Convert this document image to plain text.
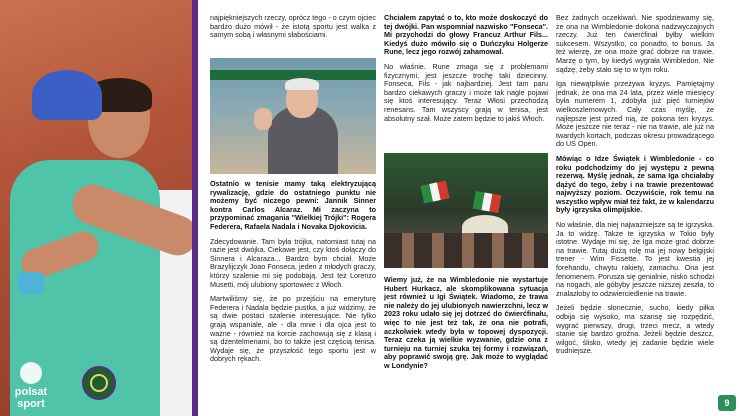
polsat
sport

najpiękniejszych rzeczy, oprócz tego - o czym ojciec bardzo dużo mówił - że istotą sportu jest walka z samym sobą i własnymi słabościami.

Ostatnio w tenisie mamy taką elektryzującą rywalizację, gdzie do ostatniego punktu nie możemy być niczego pewni: Jannik Sinner kontra Carlos Alcaraz. Mi zaczyna to przypominać zmagania "Wielkiej Trójki": Rogera Federera, Rafaela Nadala i Novaka Djokovicia.

Zdecydowanie. Tam była trójka, natomiast tutaj na razie jest dwójka. Ciekawe jest, czy ktoś dołączy do Sinnera i Alcaraza... Bardzo bym chciał. Może Brazylijczyk Joao Fonseca, jeden z młodych graczy, którzy szalenie mi się podobają. Jest też Lorenzo Musetti, mój ulubiony sportowiec z Włoch.

Martwiliśmy się, że po przejściu na emeryturę Federera i Nadala będzie pustka, a już widzimy, że są dwie postaci szalenie interesujące. Nie tylko grają wspaniale, ale - dla mnie i dla ojca jest to ważne - również na korcie zachowują się z klasą i są dżentelmenami, bo to także jest częścią tenisa. Wydaje się, że przyszłość tego sportu jest w dobrych rękach.

Chciałem zapytać o to, kto może doskoczyć do tej dwójki. Pan wspomniał nazwisko "Fonseca". Mi przychodzi do głowy Francuz Arthur Fils... Kiedyś dużo mówiło się o Duńczyku Holgerze Rune, lecz jego rozwój zahamował.

No właśnie. Rune zmaga się z problemami fizycznymi, jest jeszcze trochę taki dziecinny. Fonseca, Fils - jak najbardziej. Jest tam paru bardzo ciekawych graczy i może tak nagle pojawi się ktoś interesujący. Teraz Włosi przechodzą renesans. Tam wszyscy grają w tenisa, jest absolutny szał. Może zatem będzie to jakiś Włoch.

Wiemy już, że na Wimbledonie nie wystartuje Hubert Hurkacz, ale skomplikowana sytuacja jest również u Igi Świątek. Wiadomo, że trawa nie należy do jej ulubionych nawierzchni, lecz w 2023 roku udało się jej dotrzeć do ćwierćfinału, więc to nie jest też tak, że ona nie potrafi, aczkolwiek wtedy była w topowej dyspozycji. Teraz czeka ją wielkie wyzwanie, gdzie ona z turnieju na turniej szuka tej formy i rozwiązań, aby poprawić swoją grę. Jak może to wyglądać w Londynie?

Bez żadnych oczekiwań. Nie spodziewamy się, że ona na Wimbledonie dokona nadzwyczajnych rzeczy. Już ten ćwierćfinał byłby wielkim sukcesem. Wszystko, co ponadto, to bonus. Ja też wierzę, że ona może grać dobrze na trawie. Marzę o tym, by kiedyś wygrała Wimbledon. Nie sądzę, żeby stało się to w tym roku.

Iga niewątpliwie przeżywa kryzys. Pamiętajmy jednak, że ona ma 24 lata, przez wiele miesięcy była numerem 1, zdobyła już pięć turniejów wielkoszlemowych. Cały czas myślę, że najlepsze jest przed nią, że pokona ten kryzys. Może jeszcze nie teraz - nie na trawie, ale już na twardych kortach, podczas okresu prowadzącego do US Open.

Mówiąc o Idze Świątek i Wimbledonie - co roku podchodzimy do jej występu z pewną rezerwą. Myślę jednak, że sama Iga chciałaby dążyć do tego, żeby i na trawie prezentować najwyższy poziom. Oczywiście, rok temu na wszystko wpływ miał też fakt, że w kalendarzu były igrzyska olimpijskie.

No właśnie, dla niej najważniejsze są te igrzyska. Ja to widzę. Także te igrzyska w Tokio były istotne. Wydaje mi się, że Iga może grać dobrze na trawie. Tutaj dużą rolę ma jej nowy belgijski trener - Wim Fissette. To jest kwestia jej forehandu, chwytu rakiety, zamachu. Ona jest fenomenem. Porusza się genialnie, nisko schodzi na nogach, ale góbyby jeszcze niższej zeszła, to znalazłoby to odzwierciedlenie na trawie.

Jeżeli będzie słonecznie, sucho, kiedy piłka odbija się wysoko, ma szansę się rozpędzić, wygrać pierwszy, drugi, trzeci mecz, a wtedy stanie się bardzo groźna. Jeżeli będzie deszcz, wilgoć, ślisko, wtedy jej zadanie będzie wiele trudniejsze.

9
